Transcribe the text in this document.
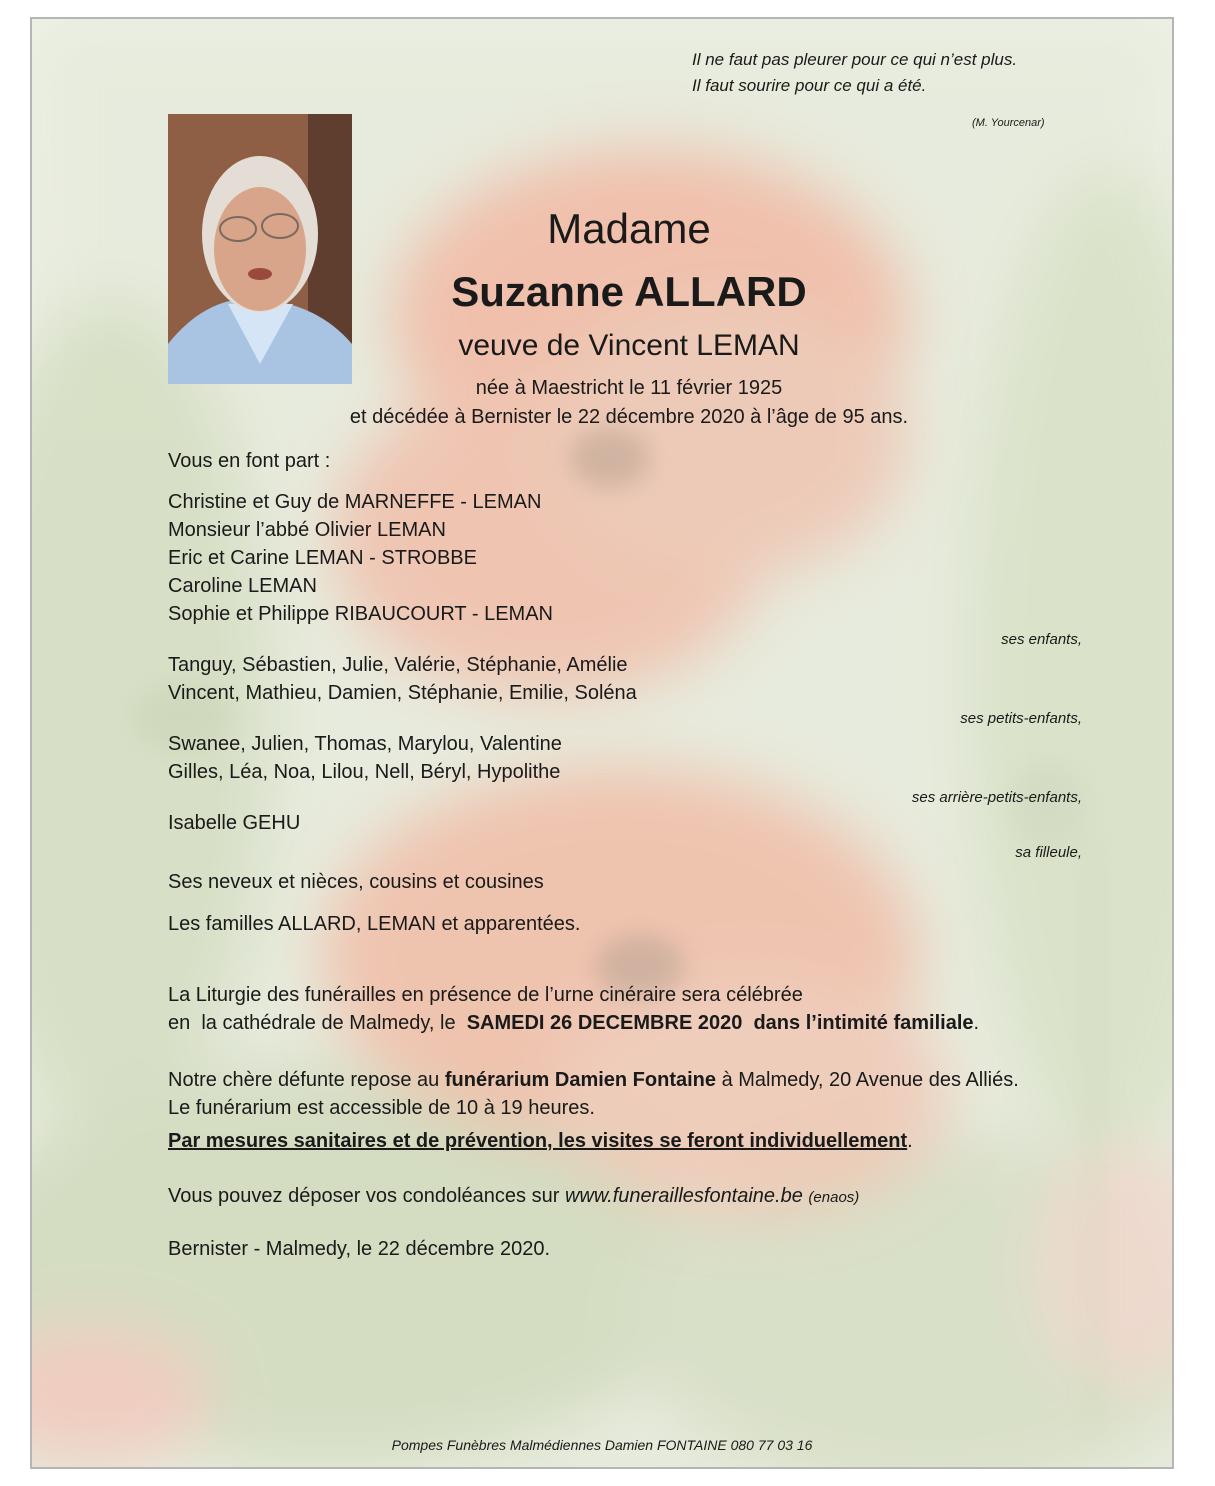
Il ne faut pas pleurer pour ce qui n’est plus.
Il faut sourire pour ce qui a été.
(M. Yourcenar)
Madame
Suzanne ALLARD
veuve de Vincent LEMAN
née à Maestricht le 11 février 1925
et décédée à Bernister le 22 décembre 2020 à l’âge de 95 ans.
Vous en font part :
Christine et Guy de MARNEFFE - LEMAN
Monsieur l’abbé Olivier LEMAN
Eric et Carine LEMAN - STROBBE
Caroline LEMAN
Sophie et Philippe RIBAUCOURT - LEMAN
ses enfants,
Tanguy, Sébastien, Julie, Valérie, Stéphanie, Amélie
Vincent, Mathieu, Damien, Stéphanie, Emilie, Soléna
ses petits-enfants,
Swanee, Julien, Thomas, Marylou, Valentine
Gilles, Léa, Noa, Lilou, Nell, Béryl, Hypolithe
ses arrière-petits-enfants,
Isabelle GEHU
sa filleule,
Ses neveux et nièces, cousins et cousines
Les familles ALLARD, LEMAN et apparentées.
La Liturgie des funérailles en présence de l’urne cinéraire sera célébrée
en  la cathédrale de Malmedy, le  SAMEDI 26 DECEMBRE 2020 dans l’intimité familiale.
Notre chère défunte repose au funérarium Damien Fontaine à Malmedy, 20 Avenue des Alliés.
Le funérarium est accessible de 10 à 19 heures.
Par mesures sanitaires et de prévention, les visites se feront individuellement.
Vous pouvez déposer vos condoléances sur www.funeraillesfontaine.be (enaos)
Bernister - Malmedy, le 22 décembre 2020.
Pompes Funèbres Malmédiennes Damien FONTAINE 080 77 03 16
